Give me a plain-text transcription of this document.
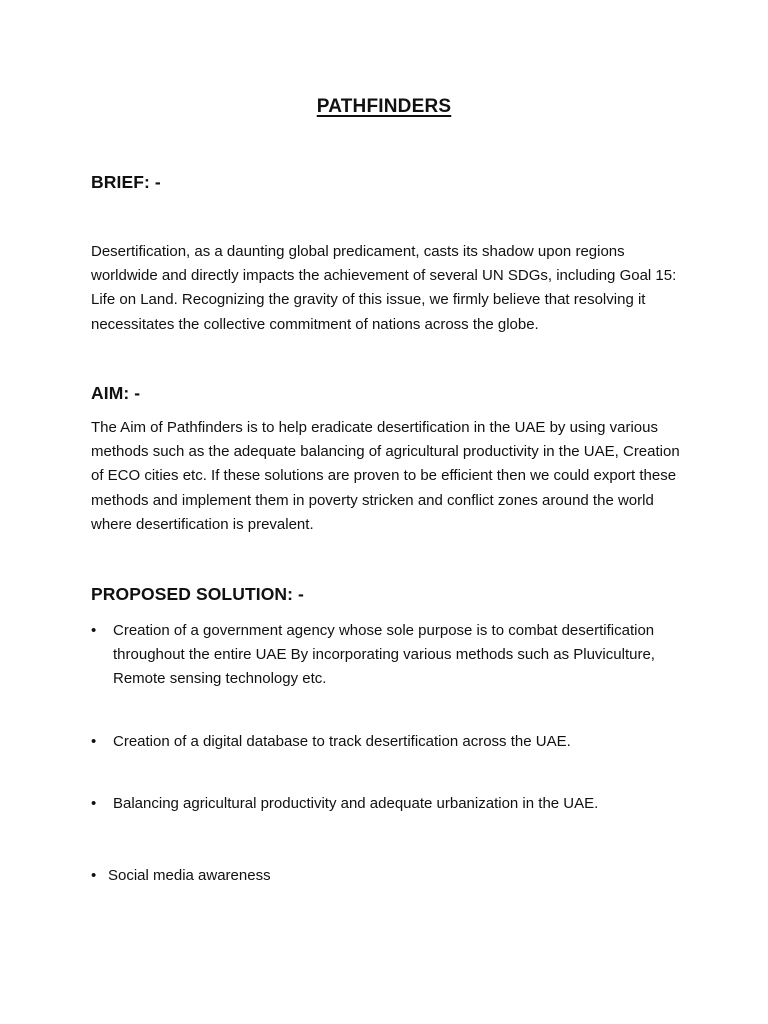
PATHFINDERS
BRIEF: -
Desertification, as a daunting global predicament, casts its shadow upon regions worldwide and directly impacts the achievement of several UN SDGs, including Goal 15: Life on Land. Recognizing the gravity of this issue, we firmly believe that resolving it necessitates the collective commitment of nations across the globe.
AIM: -
The Aim of Pathfinders is to help eradicate desertification in the UAE by using various methods such as the adequate balancing of agricultural productivity in the UAE, Creation of ECO cities etc. If these solutions are proven to be efficient then we could export these methods and implement them in poverty stricken and conflict zones around the world where desertification is prevalent.
PROPOSED SOLUTION: -
•	Creation of a government agency whose sole purpose is to combat desertification throughout the entire UAE By incorporating various methods such as Pluviculture, Remote sensing technology etc.
•	Creation of a digital database to track desertification across the UAE.
•	Balancing agricultural productivity and adequate urbanization in the UAE.
• Social media awareness
